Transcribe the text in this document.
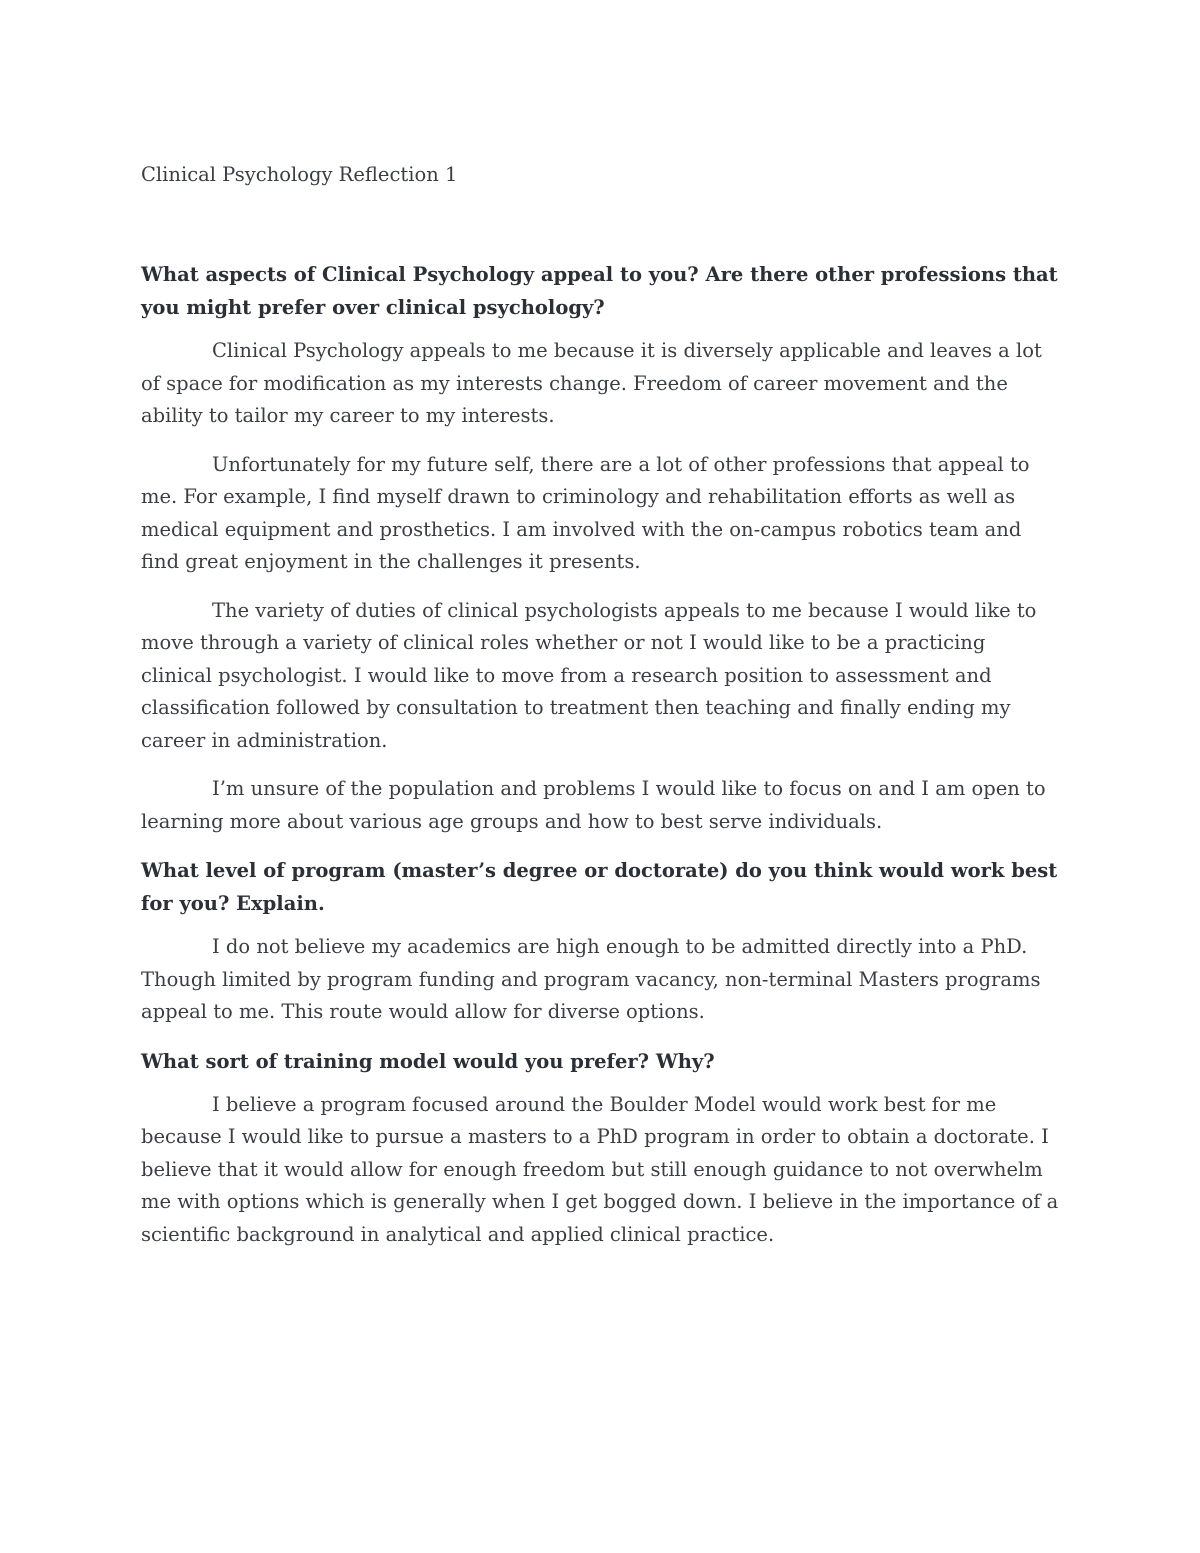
Clinical Psychology Reflection 1
What aspects of Clinical Psychology appeal to you? Are there other professions that you might prefer over clinical psychology?

Clinical Psychology appeals to me because it is diversely applicable and leaves a lot of space for modification as my interests change. Freedom of career movement and the ability to tailor my career to my interests.

Unfortunately for my future self, there are a lot of other professions that appeal to me. For example, I find myself drawn to criminology and rehabilitation efforts as well as medical equipment and prosthetics. I am involved with the on-campus robotics team and find great enjoyment in the challenges it presents.

The variety of duties of clinical psychologists appeals to me because I would like to move through a variety of clinical roles whether or not I would like to be a practicing clinical psychologist. I would like to move from a research position to assessment and classification followed by consultation to treatment then teaching and finally ending my career in administration.

I’m unsure of the population and problems I would like to focus on and I am open to learning more about various age groups and how to best serve individuals.

What level of program (master’s degree or doctorate) do you think would work best for you? Explain.

I do not believe my academics are high enough to be admitted directly into a PhD. Though limited by program funding and program vacancy, non-terminal Masters programs appeal to me. This route would allow for diverse options.

What sort of training model would you prefer? Why?

I believe a program focused around the Boulder Model would work best for me because I would like to pursue a masters to a PhD program in order to obtain a doctorate. I believe that it would allow for enough freedom but still enough guidance to not overwhelm me with options which is generally when I get bogged down. I believe in the importance of a scientific background in analytical and applied clinical practice.
